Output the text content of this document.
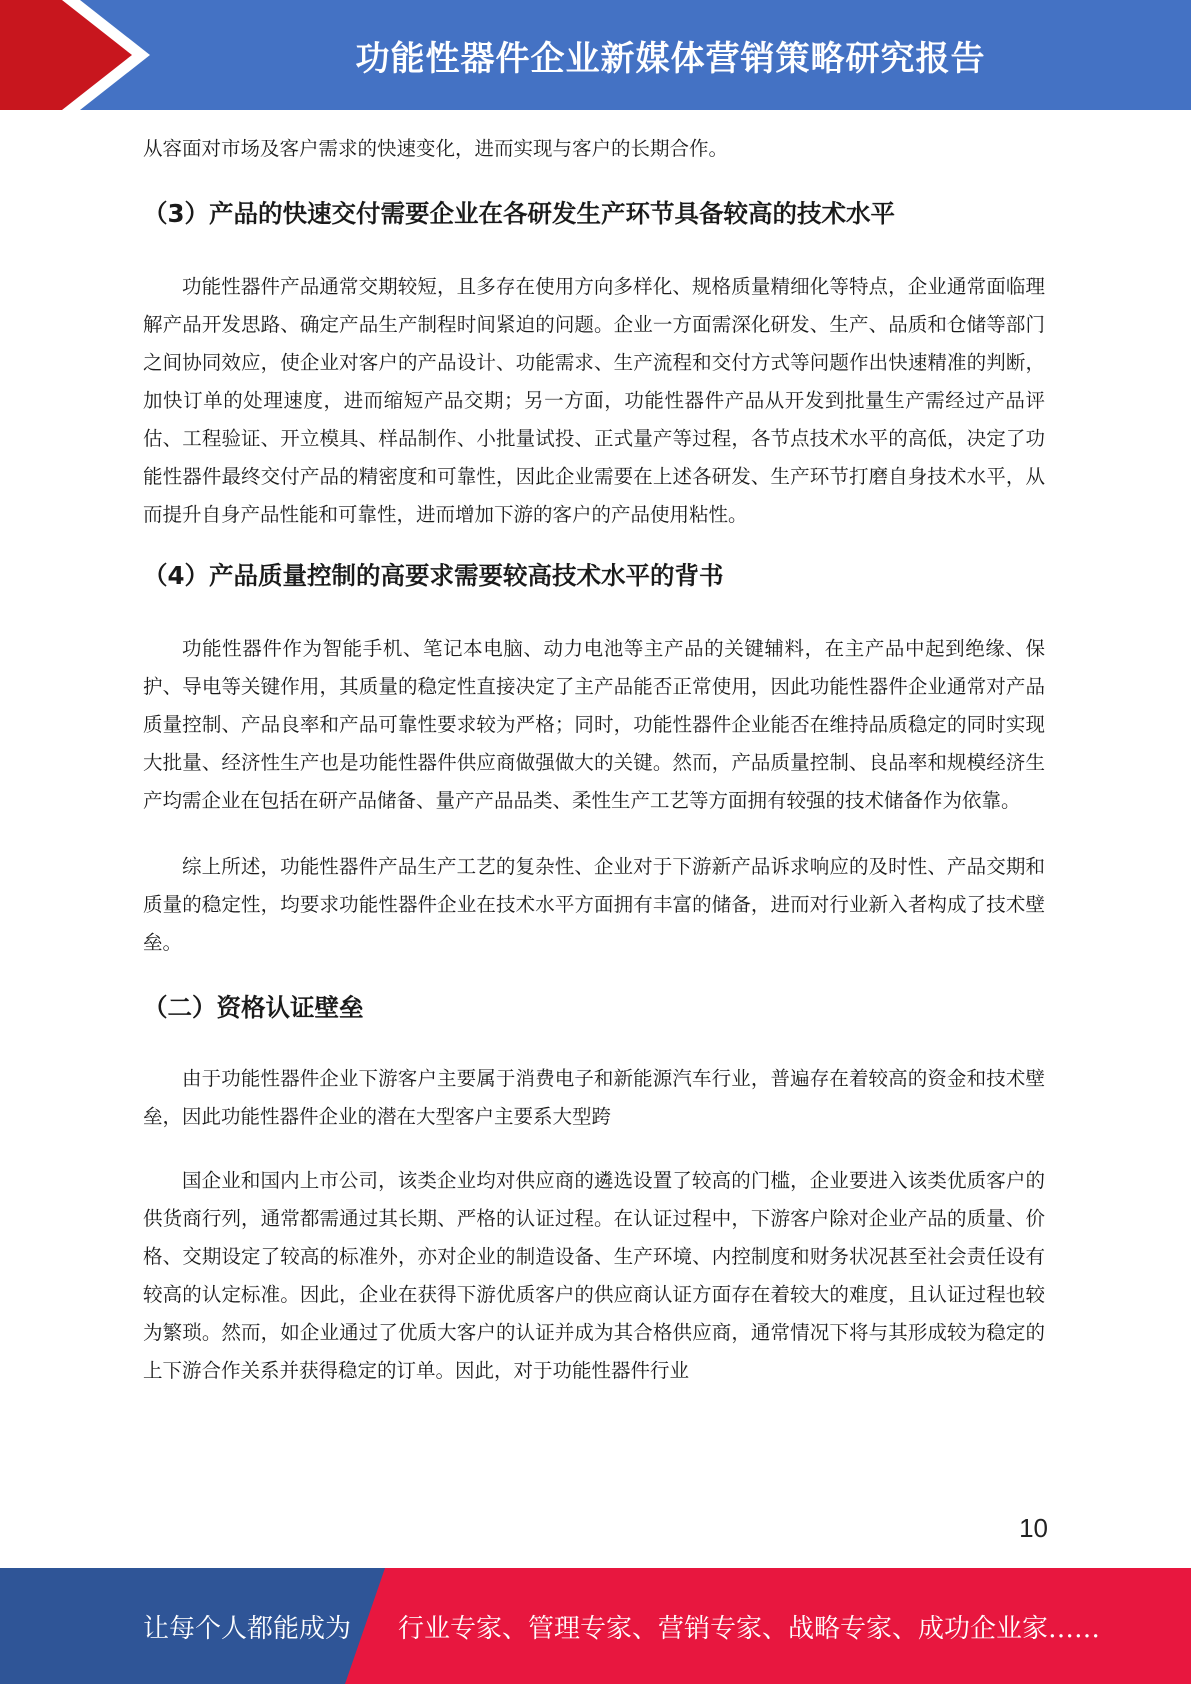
功能性器件企业新媒体营销策略研究报告

从容面对市场及客户需求的快速变化，进而实现与客户的长期合作。

（3）产品的快速交付需要企业在各研发生产环节具备较高的技术水平

功能性器件产品通常交期较短，且多存在使用方向多样化、规格质量精细化等特点，企业通常面临理解产品开发思路、确定产品生产制程时间紧迫的问题。企业一方面需深化研发、生产、品质和仓储等部门之间协同效应，使企业对客户的产品设计、功能需求、生产流程和交付方式等问题作出快速精准的判断，加快订单的处理速度，进而缩短产品交期；另一方面，功能性器件产品从开发到批量生产需经过产品评估、工程验证、开立模具、样品制作、小批量试投、正式量产等过程，各节点技术水平的高低，决定了功能性器件最终交付产品的精密度和可靠性，因此企业需要在上述各研发、生产环节打磨自身技术水平，从而提升自身产品性能和可靠性，进而增加下游的客户的产品使用粘性。

（4）产品质量控制的高要求需要较高技术水平的背书

功能性器件作为智能手机、笔记本电脑、动力电池等主产品的关键辅料，在主产品中起到绝缘、保护、导电等关键作用，其质量的稳定性直接决定了主产品能否正常使用，因此功能性器件企业通常对产品质量控制、产品良率和产品可靠性要求较为严格；同时，功能性器件企业能否在维持品质稳定的同时实现大批量、经济性生产也是功能性器件供应商做强做大的关键。然而，产品质量控制、良品率和规模经济生产均需企业在包括在研产品储备、量产产品品类、柔性生产工艺等方面拥有较强的技术储备作为依靠。

综上所述，功能性器件产品生产工艺的复杂性、企业对于下游新产品诉求响应的及时性、产品交期和质量的稳定性，均要求功能性器件企业在技术水平方面拥有丰富的储备，进而对行业新入者构成了技术壁垒。

（二）资格认证壁垒

由于功能性器件企业下游客户主要属于消费电子和新能源汽车行业，普遍存在着较高的资金和技术壁垒，因此功能性器件企业的潜在大型客户主要系大型跨

国企业和国内上市公司，该类企业均对供应商的遴选设置了较高的门槛，企业要进入该类优质客户的供货商行列，通常都需通过其长期、严格的认证过程。在认证过程中，下游客户除对企业产品的质量、价格、交期设定了较高的标准外，亦对企业的制造设备、生产环境、内控制度和财务状况甚至社会责任设有较高的认定标准。因此，企业在获得下游优质客户的供应商认证方面存在着较大的难度，且认证过程也较为繁琐。然而，如企业通过了优质大客户的认证并成为其合格供应商，通常情况下将与其形成较为稳定的上下游合作关系并获得稳定的订单。因此，对于功能性器件行业

10
让每个人都能成为 行业专家、管理专家、营销专家、战略专家、成功企业家……
